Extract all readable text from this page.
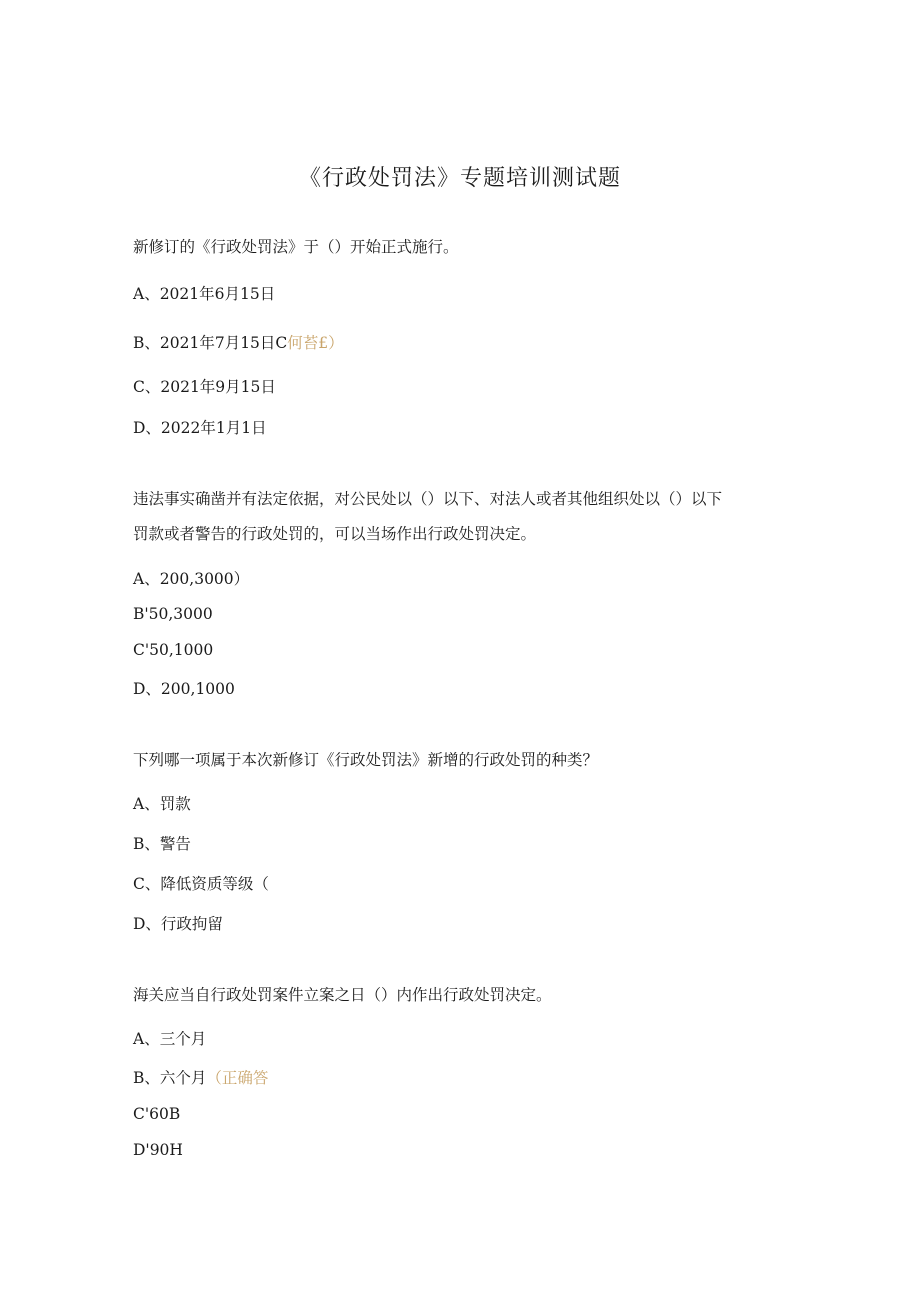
《行政处罚法》专题培训测试题
新修订的《行政处罚法》于（）开始正式施行。
A、2021年6月15日
B、2021年7月15日C何苔£）
C、2021年9月15日
D、2022年1月1日
违法事实确凿并有法定依据，对公民处以（）以下、对法人或者其他组织处以（）以下
罚款或者警告的行政处罚的，可以当场作出行政处罚决定。
A、200,3000）
B'50,3000
C'50,1000
D、200,1000
下列哪一项属于本次新修订《行政处罚法》新增的行政处罚的种类？
A、罚款
B、警告
C、降低资质等级（
D、行政拘留
海关应当自行政处罚案件立案之日（）内作出行政处罚决定。
A、三个月
B、六个月（正确答
C'60B
D'90H
